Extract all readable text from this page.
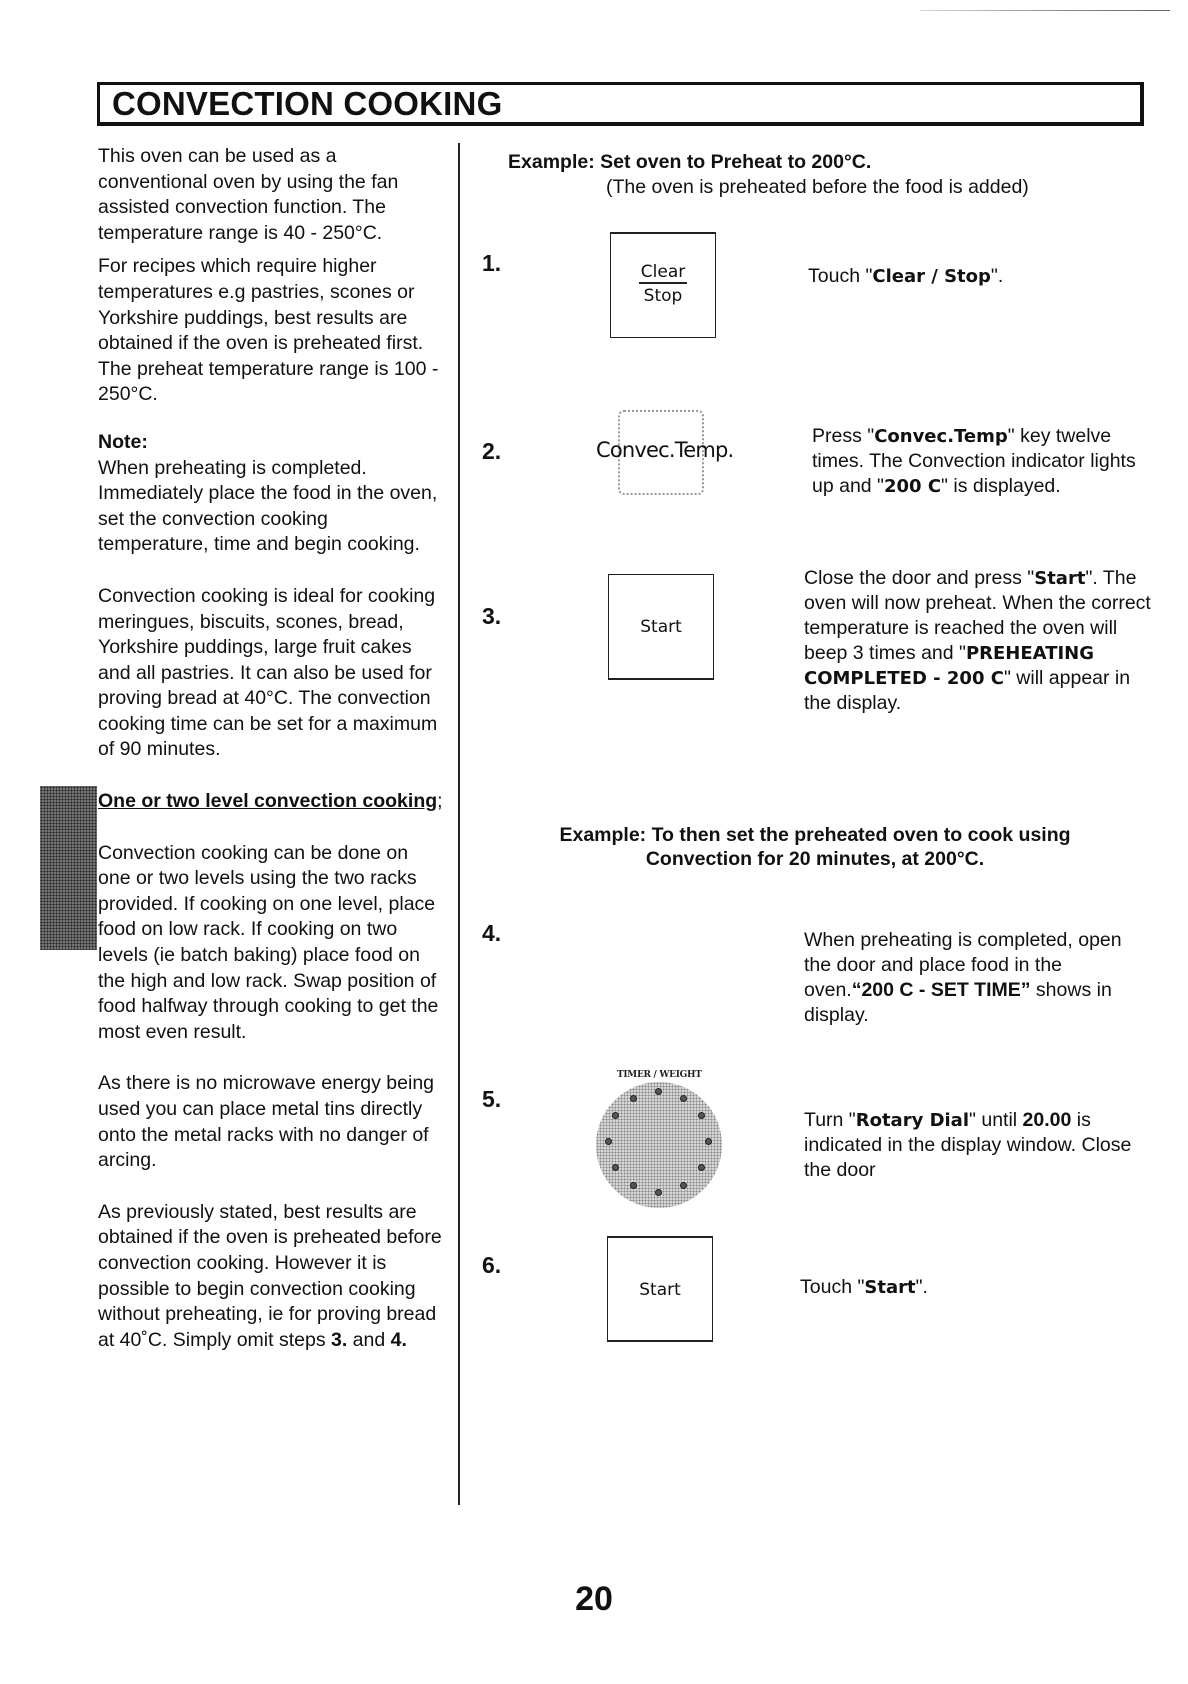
CONVECTION COOKING

This oven can be used as a conventional oven by using the fan assisted convection function. The temperature range is 40 - 250°C.

For recipes which require higher temperatures e.g pastries, scones or Yorkshire puddings, best results are obtained if the oven is preheated first. The preheat temperature range is 100 - 250°C.

Note:

When preheating is completed. Immediately place the food in the oven, set the convection cooking temperature, time and begin cooking.

Convection cooking is ideal for cooking meringues, biscuits, scones, bread, Yorkshire puddings, large fruit cakes and all pastries. It can also be used for proving bread at 40°C. The convection cooking time can be set for a maximum of 90 minutes.

One or two level convection cooking;

Convection cooking can be done on one or two levels using the two racks provided. If cooking on one level, place food on low rack. If cooking on two levels (ie batch baking) place food on the high and low rack. Swap position of food halfway through cooking to get the most even result.

As there is no microwave energy being used you can place metal tins directly onto the metal racks with no danger of arcing.

As previously stated, best results are obtained if the oven is preheated before convection cooking. However it is possible to begin convection cooking without preheating, ie for proving bread at 40˚C. Simply omit steps 3. and 4.

Example: Set oven to Preheat to 200°C.
(The oven is preheated before the food is added)
1.	Clear
Stop
Touch "Clear / Stop".
2.	Convec.Temp.
Press "Convec.Temp" key twelve times. The Convection indicator lights up and "200 C" is displayed.
3.	Start
Close the door and press "Start". The oven will now preheat. When the correct temperature is reached the oven will beep 3 times and "PREHEATING COMPLETED - 200 C" will appear in the display.
Example: To then set the preheated oven to cook using
Convection for 20 minutes, at 200°C.
4.	When preheating is completed, open the door and place food in the oven.“200 C - SET TIME” shows in display.
5.
Turn "Rotary Dial" until 20.00 is indicated in the display window. Close the door
6.
Start	Touch "Start".
TIMER / WEIGHT
20
